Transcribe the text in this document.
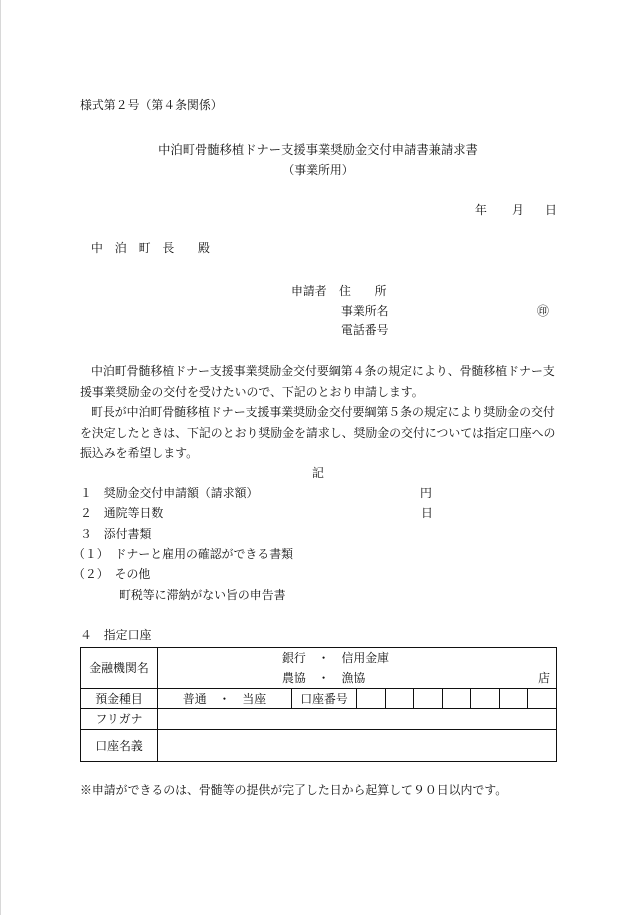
様式第２号（第４条関係）
中泊町骨髄移植ドナー支援事業奨励金交付申請書兼請求書
（事業所用）
年 月 日
中　泊　町　長　　殿
申請者 住　　所
事業所名	㊞
電話番号
中泊町骨髄移植ドナー支援事業奨励金交付要綱第４条の規定により、骨髄移植ドナー支
援事業奨励金の交付を受けたいので、下記のとおり申請します。
町長が中泊町骨髄移植ドナー支援事業奨励金交付要綱第５条の規定により奨励金の交付
を決定したときは、下記のとおり奨励金を請求し、奨励金の交付については指定口座への
振込みを希望します。
記
１　奨励金交付申請額（請求額）	円
２　通院等日数	日
３　添付書類
（１）　ドナーと雇用の確認ができる書類
（２）　その他
町税等に滞納がない旨の申告書
４　指定口座
金融機関名	銀行　・　信用金庫
農協　・　漁協 店								

預金種目	普通　・　当座	口座番号							
フリガナ									
口座名義									
※申請ができるのは、骨髄等の提供が完了した日から起算して９０日以内です。
